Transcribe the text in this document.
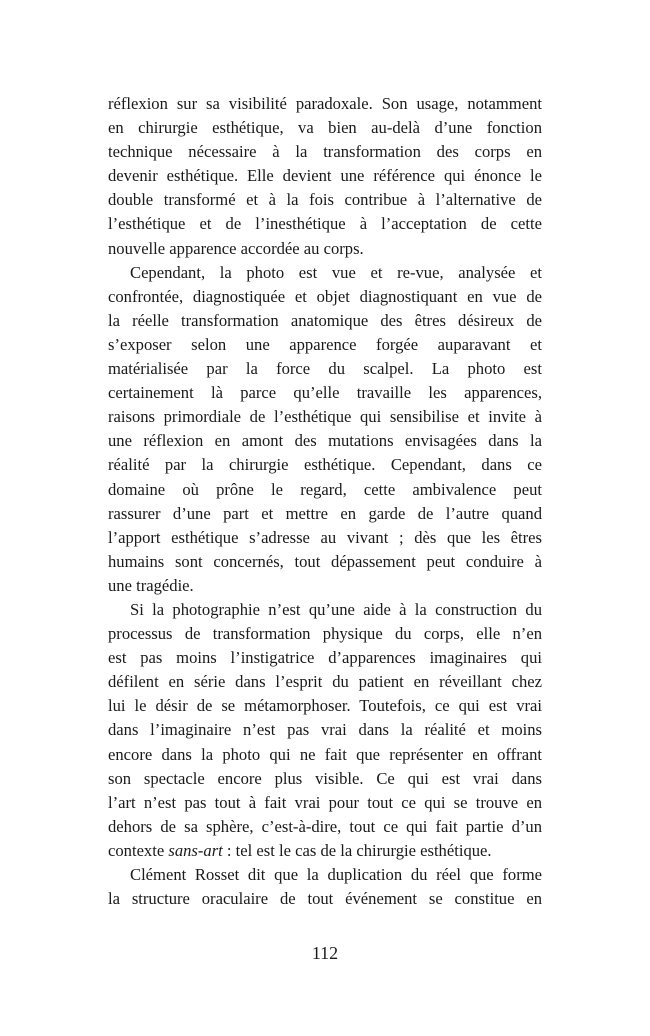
réflexion sur sa visibilité paradoxale. Son usage, notamment
en chirurgie esthétique, va bien au-delà d’une fonction
technique nécessaire à la transformation des corps en
devenir esthétique. Elle devient une référence qui énonce le
double transformé et à la fois contribue à l’alternative de
l’esthétique et de l’inesthétique à l’acceptation de cette
nouvelle apparence accordée au corps.
Cependant, la photo est vue et re-vue, analysée et
confrontée, diagnostiquée et objet diagnostiquant en vue de
la réelle transformation anatomique des êtres désireux de
s’exposer selon une apparence forgée auparavant et
matérialisée par la force du scalpel. La photo est
certainement là parce qu’elle travaille les apparences,
raisons primordiale de l’esthétique qui sensibilise et invite à
une réflexion en amont des mutations envisagées dans la
réalité par la chirurgie esthétique. Cependant, dans ce
domaine où prône le regard, cette ambivalence peut
rassurer d’une part et mettre en garde de l’autre quand
l’apport esthétique s’adresse au vivant ; dès que les êtres
humains sont concernés, tout dépassement peut conduire à
une tragédie.
Si la photographie n’est qu’une aide à la construction du
processus de transformation physique du corps, elle n’en
est pas moins l’instigatrice d’apparences imaginaires qui
défilent en série dans l’esprit du patient en réveillant chez
lui le désir de se métamorphoser. Toutefois, ce qui est vrai
dans l’imaginaire n’est pas vrai dans la réalité et moins
encore dans la photo qui ne fait que représenter en offrant
son spectacle encore plus visible. Ce qui est vrai dans
l’art n’est pas tout à fait vrai pour tout ce qui se trouve en
dehors de sa sphère, c’est-à-dire, tout ce qui fait partie d’un
contexte sans-art : tel est le cas de la chirurgie esthétique.
Clément Rosset dit que la duplication du réel que forme
la structure oraculaire de tout événement se constitue en
112
